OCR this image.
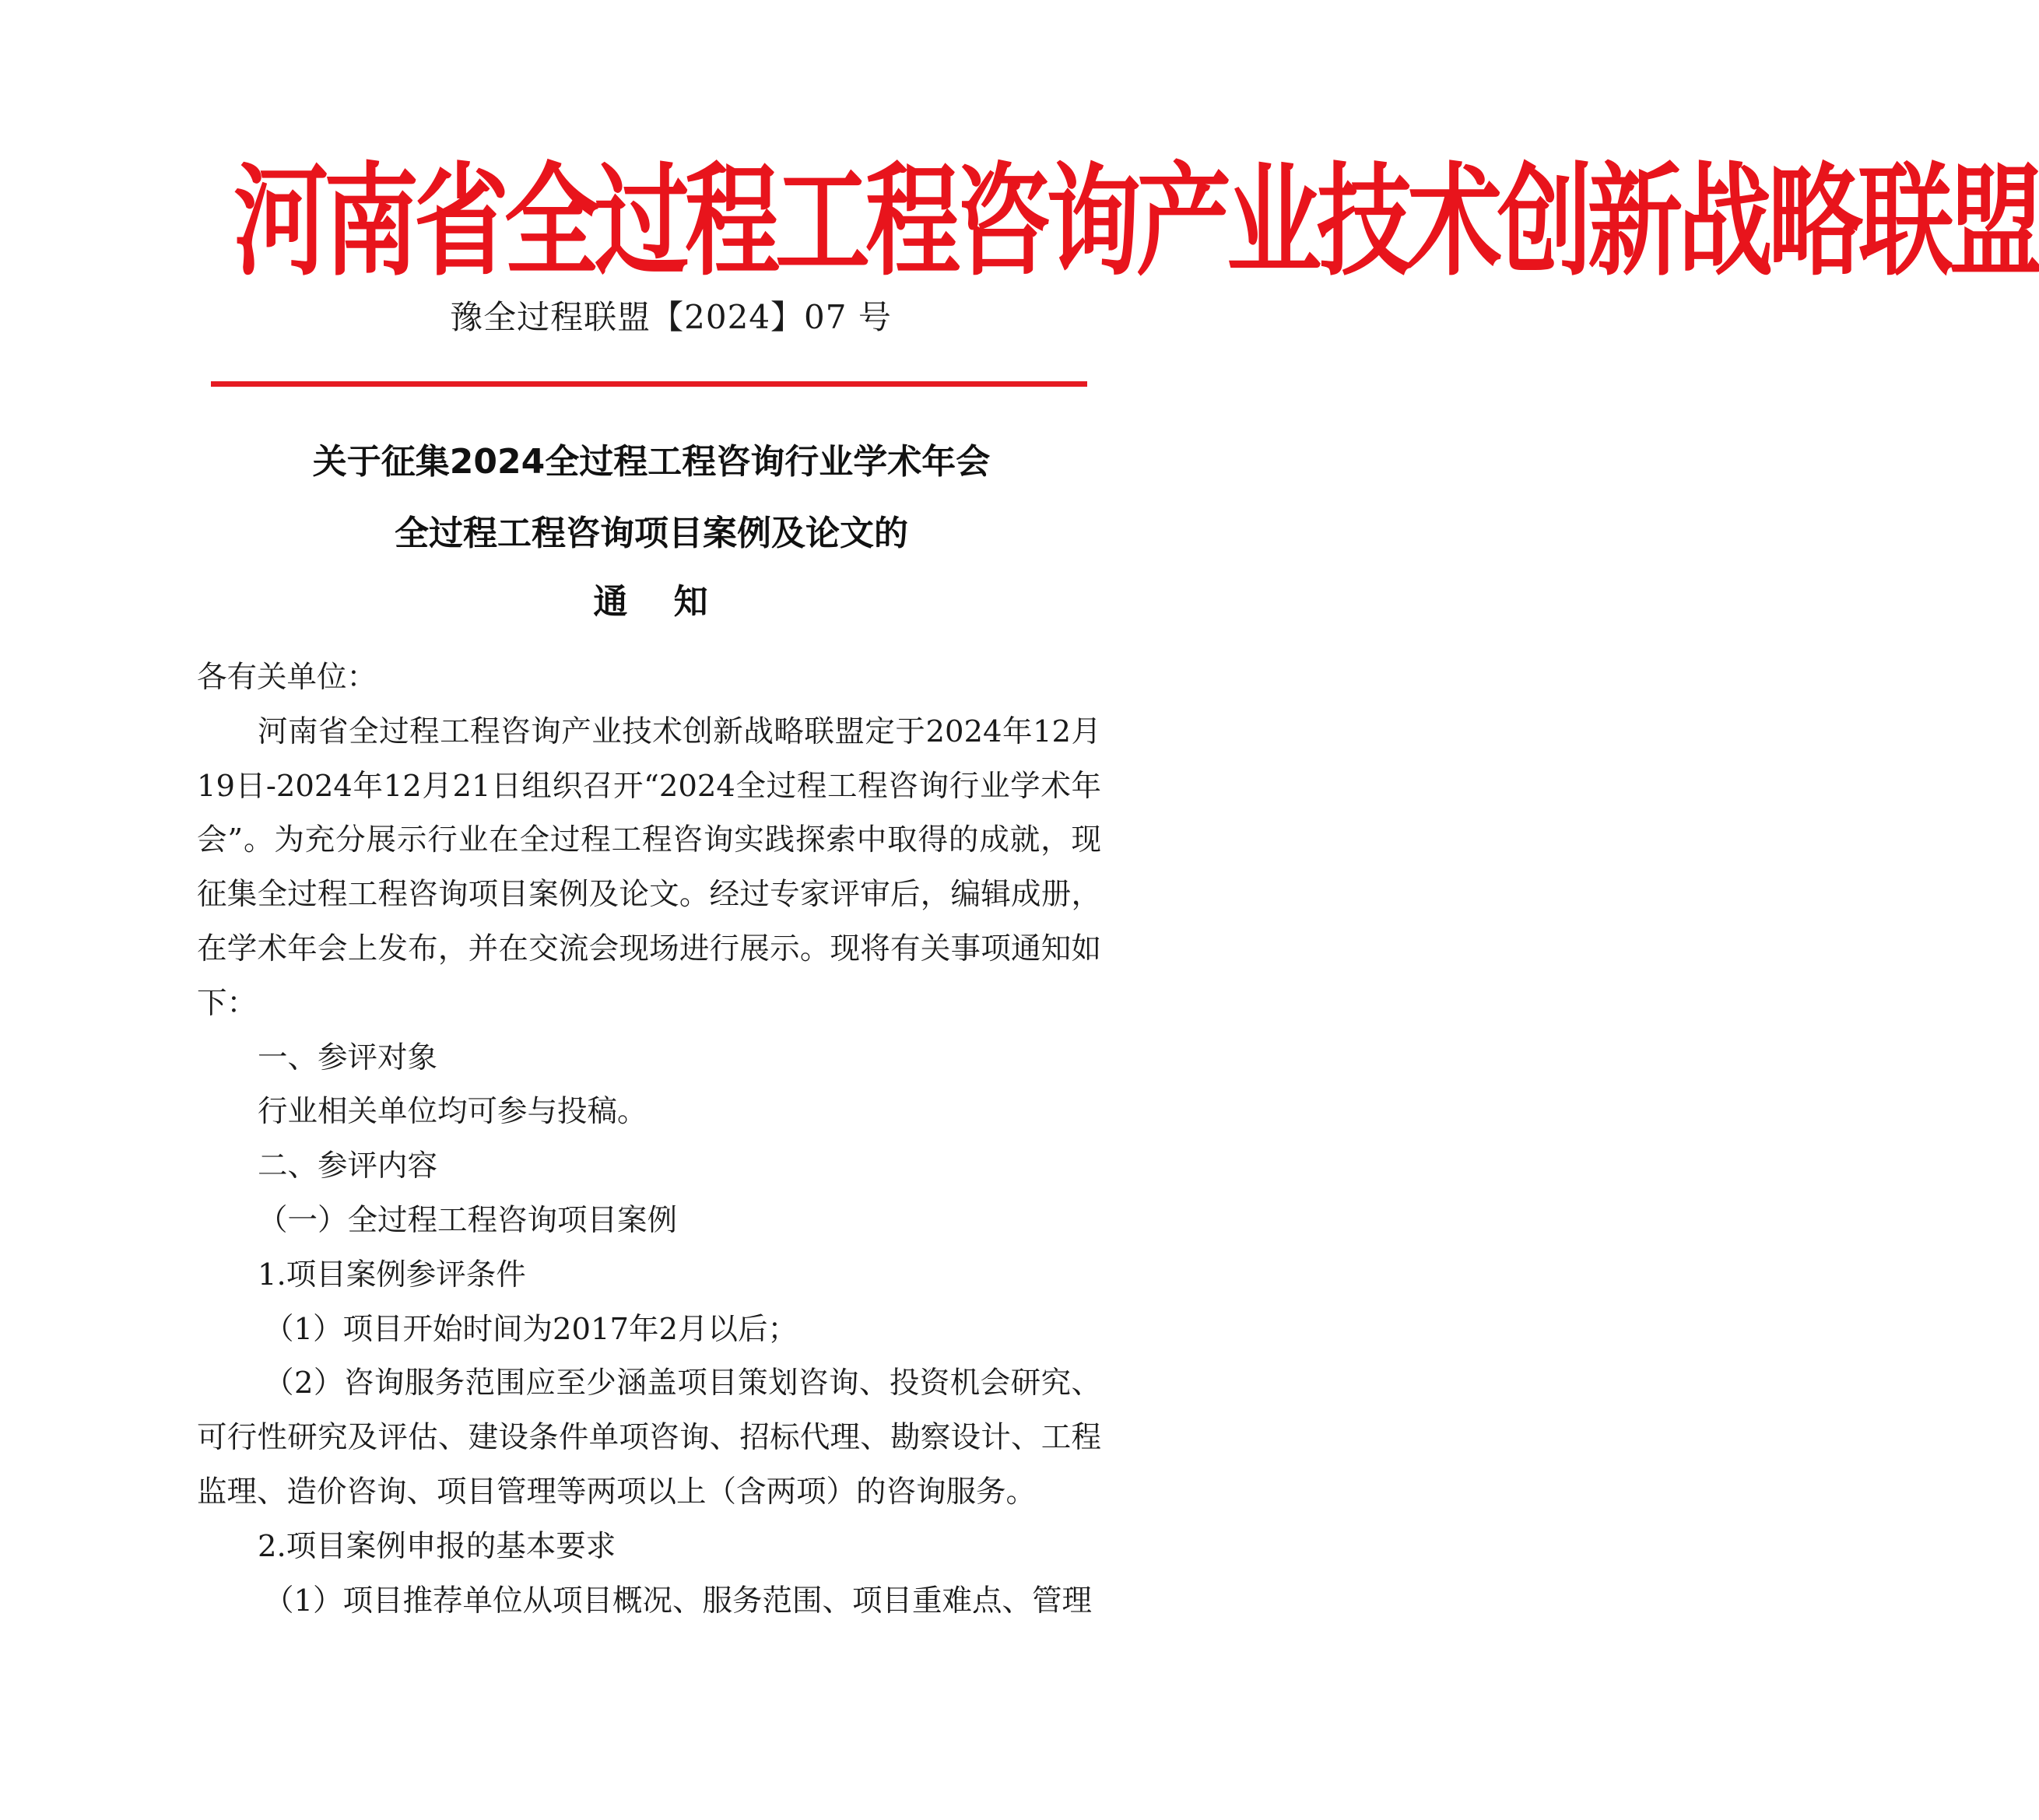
河南省全过程工程咨询产业技术创新战略联盟
豫全过程联盟【2024】07 号
关于征集2024全过程工程咨询行业学术年会
全过程工程咨询项目案例及论文的
通 知

各有关单位：

河南省全过程工程咨询产业技术创新战略联盟定于2024年12月19日-2024年12月21日组织召开“2024全过程工程咨询行业学术年会”。为充分展示行业在全过程工程咨询实践探索中取得的成就，现征集全过程工程咨询项目案例及论文。经过专家评审后，编辑成册，在学术年会上发布，并在交流会现场进行展示。现将有关事项通知如下：

一、参评对象

行业相关单位均可参与投稿。

二、参评内容

（一）全过程工程咨询项目案例

1.项目案例参评条件

（1）项目开始时间为2017年2月以后；

（2）咨询服务范围应至少涵盖项目策划咨询、投资机会研究、可行性研究及评估、建设条件单项咨询、招标代理、勘察设计、工程监理、造价咨询、项目管理等两项以上（含两项）的咨询服务。

2.项目案例申报的基本要求

（1）项目推荐单位从项目概况、服务范围、项目重难点、管理
